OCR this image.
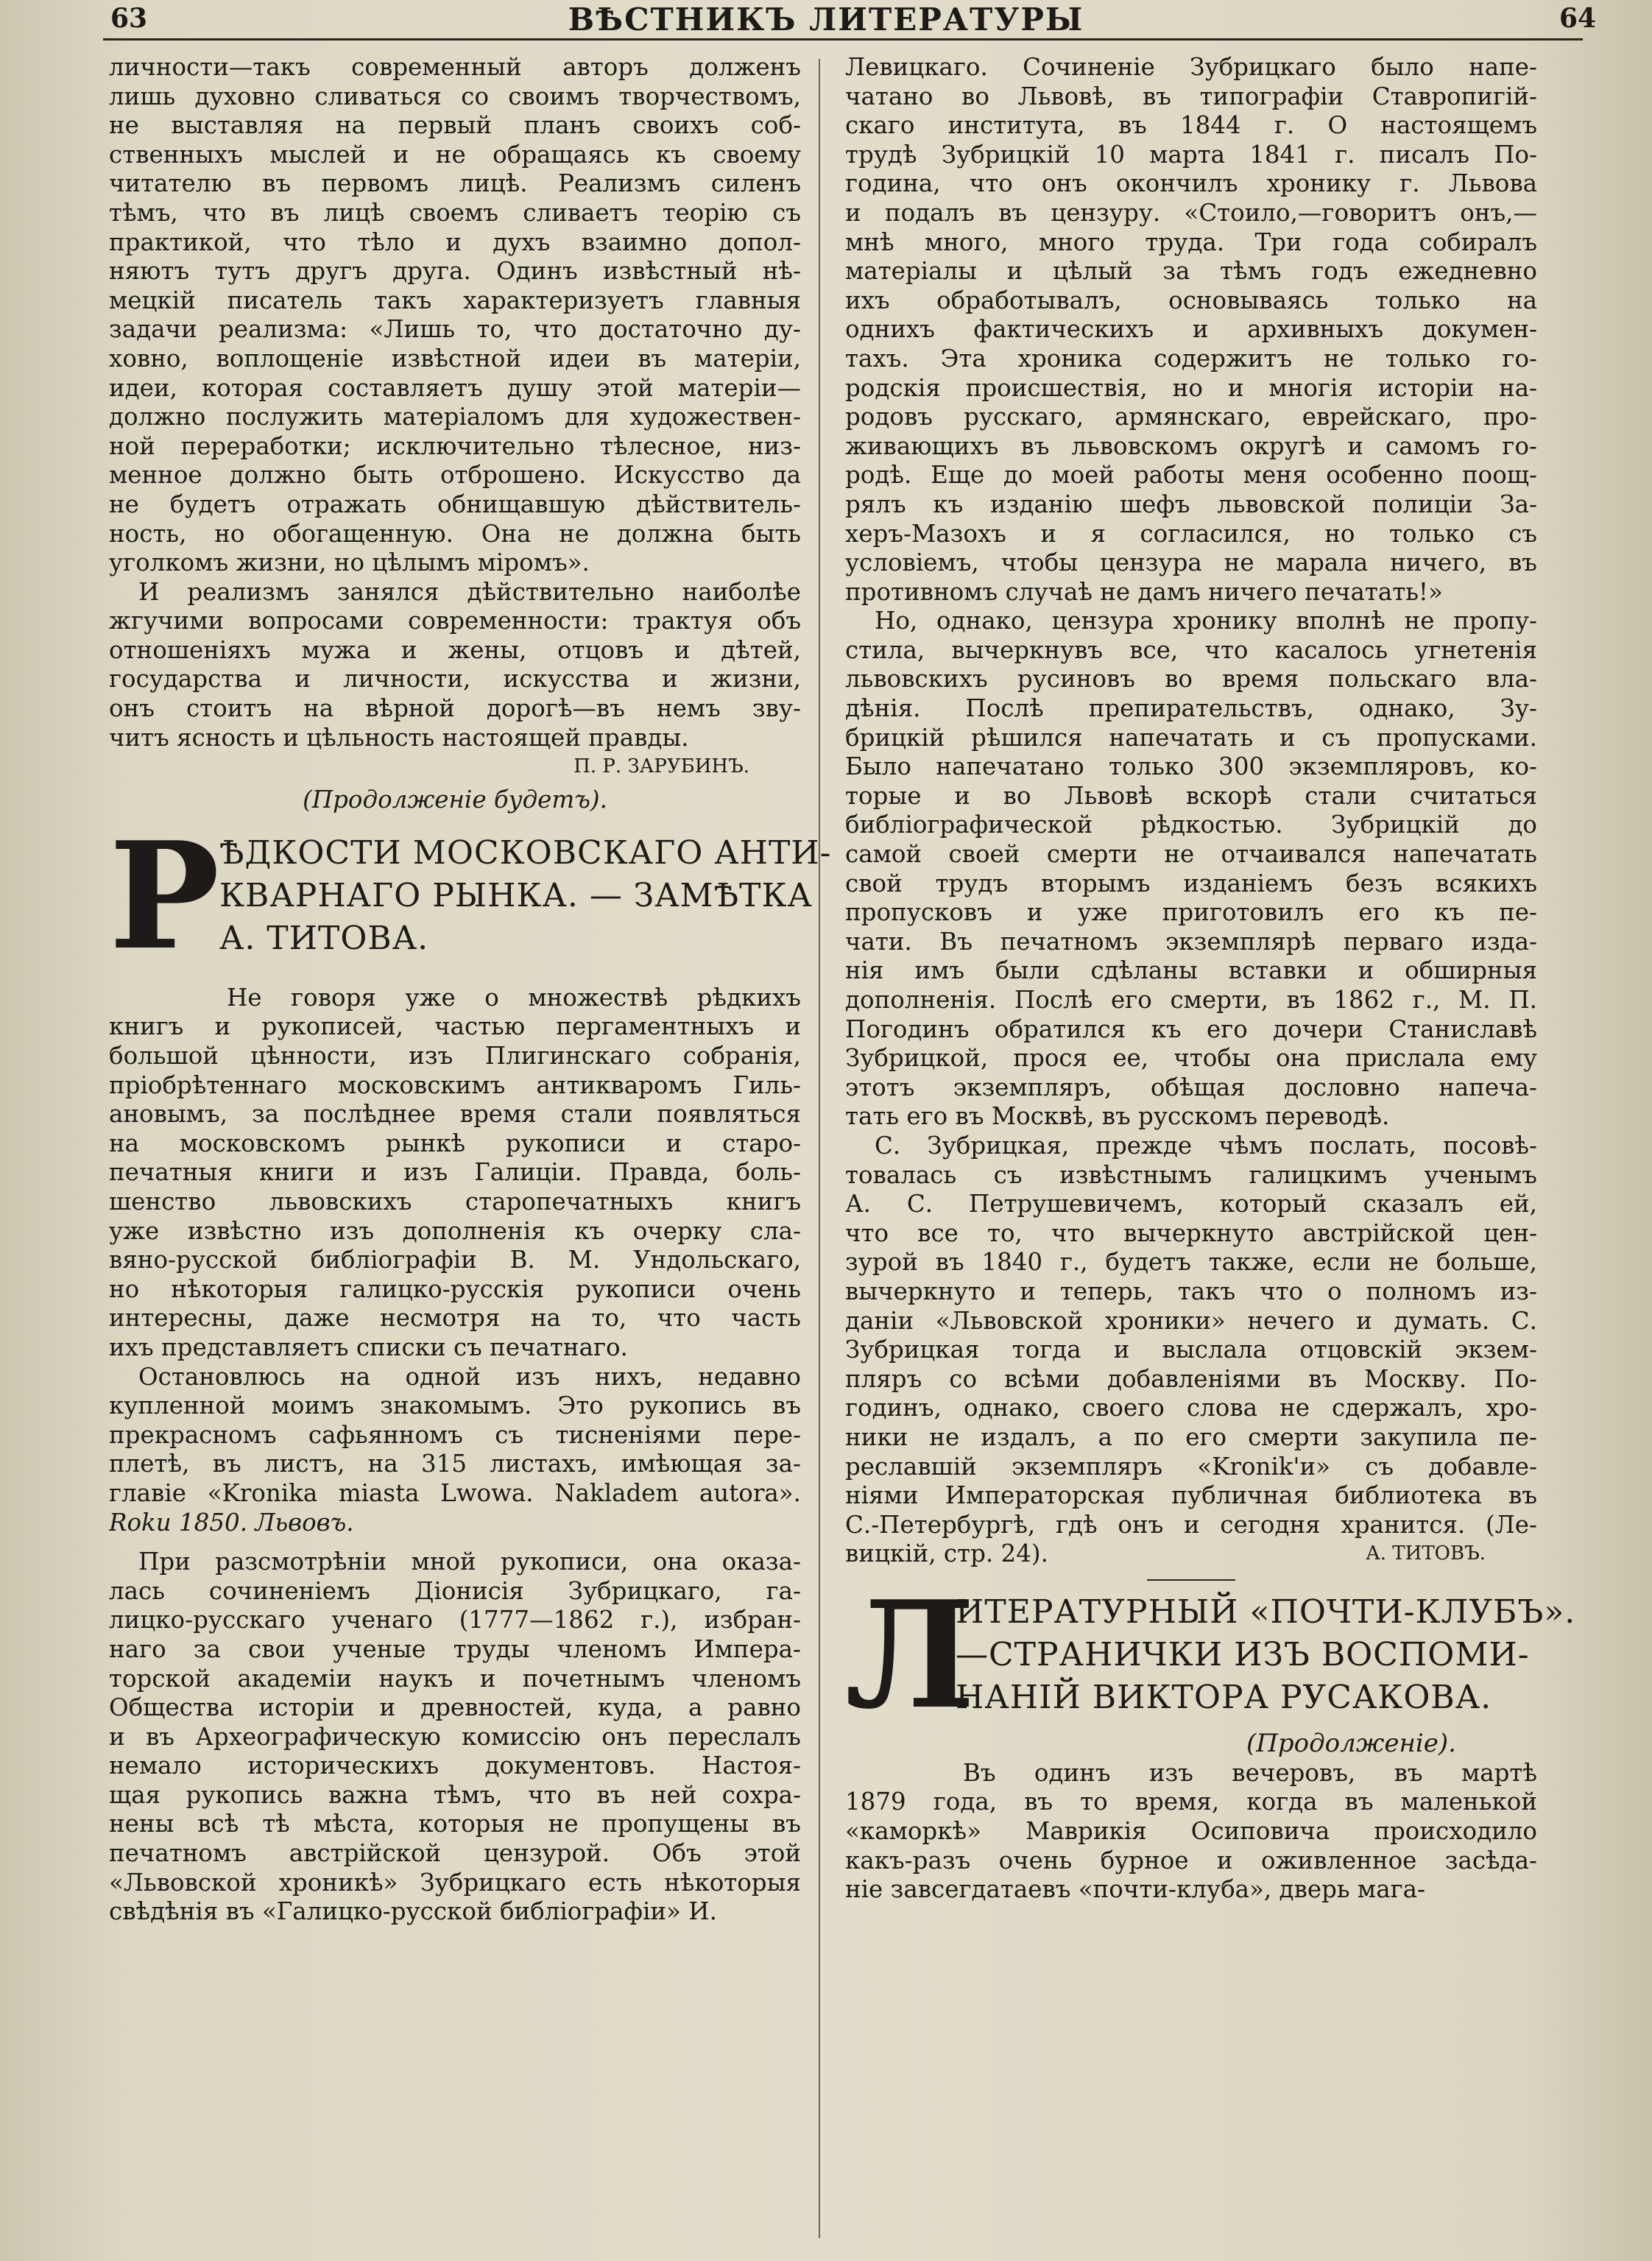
63	ВѢСТНИКЪ ЛИТЕРАТУРЫ	64
личности—такъ современный авторъ долженъ
лишь духовно сливаться со своимъ творчествомъ,
не выставляя на первый планъ своихъ соб-
ственныхъ мыслей и не обращаясь къ своему
читателю въ первомъ лицѣ. Реализмъ силенъ
тѣмъ, что въ лицѣ своемъ сливаетъ теорію съ
практикой, что тѣло и духъ взаимно допол-
няютъ тутъ другъ друга. Одинъ извѣстный нѣ-
мецкій писатель такъ характеризуетъ главныя
задачи реализма: «Лишь то, что достаточно ду-
ховно, воплощеніе извѣстной идеи въ матеріи,
идеи, которая составляетъ душу этой матеріи—
должно послужить матеріаломъ для художествен-
ной переработки; исключительно тѣлесное, низ-
менное должно быть отброшено. Искусство да
не будетъ отражать обнищавшую дѣйствитель-
ность, но обогащенную. Она не должна быть
уголкомъ жизни, но цѣлымъ міромъ».
И реализмъ занялся дѣйствительно наиболѣе
жгучими вопросами современности: трактуя объ
отношеніяхъ мужа и жены, отцовъ и дѣтей,
государства и личности, искусства и жизни,
онъ стоитъ на вѣрной дорогѣ—въ немъ зву-
читъ ясность и цѣльность настоящей правды.
П. Р. ЗАРУБИНЪ.
(Продолженіе будетъ).
Р ѢДКОСТИ МОСКОВСКАГО АНТИ-
КВАРНАГО РЫНКА. — ЗАМѢТКА
А. ТИТОВА.
Не говоря уже о множествѣ рѣдкихъ
книгъ и рукописей, частью пергаментныхъ и
большой цѣнности, изъ Плигинскаго собранія,
пріобрѣтеннаго московскимъ антикваромъ Гиль-
ановымъ, за послѣднее время стали появляться
на московскомъ рынкѣ рукописи и старо-
печатныя книги и изъ Галиціи. Правда, боль-
шенство львовскихъ старопечатныхъ книгъ
уже извѣстно изъ дополненія къ очерку сла-
вяно-русской библіографіи В. М. Ундольскаго,
но нѣкоторыя галицко-русскія рукописи очень
интересны, даже несмотря на то, что часть
ихъ представляетъ списки съ печатнаго.
Остановлюсь на одной изъ нихъ, недавно
купленной моимъ знакомымъ. Это рукопись въ
прекрасномъ сафьянномъ съ тисненіями пере-
плетѣ, въ листъ, на 315 листахъ, имѣющая за-
главіе «Kronika miasta Lwowa. Nakladem autora».
Roku 1850. Львовъ.
При разсмотрѣніи мной рукописи, она оказа-
лась сочиненіемъ Діонисія Зубрицкаго, га-
лицко-русскаго ученаго (1777—1862 г.), избран-
наго за свои ученые труды членомъ Импера-
торской академіи наукъ и почетнымъ членомъ
Общества исторіи и древностей, куда, а равно
и въ Археографическую комиссію онъ переслалъ
немало историческихъ документовъ. Настоя-
щая рукопись важна тѣмъ, что въ ней сохра-
нены всѣ тѣ мѣста, которыя не пропущены въ
печатномъ австрійской цензурой. Объ этой
«Львовской хроникѣ» Зубрицкаго есть нѣкоторыя
свѣдѣнія въ «Галицко-русской библіографіи» И.
Левицкаго. Сочиненіе Зубрицкаго было напе-
чатано во Львовѣ, въ типографіи Ставропигій-
скаго института, въ 1844 г. О настоящемъ
трудѣ Зубрицкій 10 марта 1841 г. писалъ По-
година, что онъ окончилъ хронику г. Львова
и подалъ въ цензуру. «Стоило,—говоритъ онъ,—
мнѣ много, много труда. Три года собиралъ
матеріалы и цѣлый за тѣмъ годъ ежедневно
ихъ обработывалъ, основываясь только на
однихъ фактическихъ и архивныхъ докумен-
тахъ. Эта хроника содержитъ не только го-
родскія происшествія, но и многія исторіи на-
родовъ русскаго, армянскаго, еврейскаго, про-
живающихъ въ львовскомъ округѣ и самомъ го-
родѣ. Еще до моей работы меня особенно поощ-
рялъ къ изданію шефъ львовской полиціи За-
херъ-Мазохъ и я согласился, но только съ
условіемъ, чтобы цензура не марала ничего, въ
противномъ случаѣ не дамъ ничего печатать!»
Но, однако, цензура хронику вполнѣ не пропу-
стила, вычеркнувъ все, что касалось угнетенія
львовскихъ русиновъ во время польскаго вла-
дѣнія. Послѣ препирательствъ, однако, Зу-
брицкій рѣшился напечатать и съ пропусками.
Было напечатано только 300 экземпляровъ, ко-
торые и во Львовѣ вскорѣ стали считаться
библіографической рѣдкостью. Зубрицкій до
самой своей смерти не отчаивался напечатать
свой трудъ вторымъ изданіемъ безъ всякихъ
пропусковъ и уже приготовилъ его къ пе-
чати. Въ печатномъ экземплярѣ перваго изда-
нія имъ были сдѣланы вставки и обширныя
дополненія. Послѣ его смерти, въ 1862 г., М. П.
Погодинъ обратился къ его дочери Станиславѣ
Зубрицкой, прося ее, чтобы она прислала ему
этотъ экземпляръ, обѣщая дословно напеча-
тать его въ Москвѣ, въ русскомъ переводѣ.
С. Зубрицкая, прежде чѣмъ послать, посовѣ-
товалась съ извѣстнымъ галицкимъ ученымъ
А. С. Петрушевичемъ, который сказалъ ей,
что все то, что вычеркнуто австрійской цен-
зурой въ 1840 г., будетъ также, если не больше,
вычеркнуто и теперь, такъ что о полномъ из-
даніи «Львовской хроники» нечего и думать. С.
Зубрицкая тогда и выслала отцовскій экзем-
пляръ со всѣми добавленіями въ Москву. По-
годинъ, однако, своего слова не сдержалъ, хро-
ники не издалъ, а по его смерти закупила пе-
реславшій экземпляръ «Kronik'и» съ добавле-
ніями Императорская публичная библиотека въ
С.-Петербургѣ, гдѣ онъ и сегодня хранится. (Ле-
вицкій, стр. 24).	А. ТИТОВЪ.
Л
ИТЕРАТУРНЫЙ «ПОЧТИ-КЛУБЪ».
—СТРАНИЧКИ ИЗЪ ВОСПОМИ-
НАНІЙ ВИКТОРА РУСАКОВА.
(Продолженіе).
Въ одинъ изъ вечеровъ, въ мартѣ
1879 года, въ то время, когда въ маленькой
«каморкѣ» Маврикія Осиповича происходило
какъ-разъ очень бурное и оживленное засѣда-
ніе завсегдатаевъ «почти-клуба», дверь мага-
